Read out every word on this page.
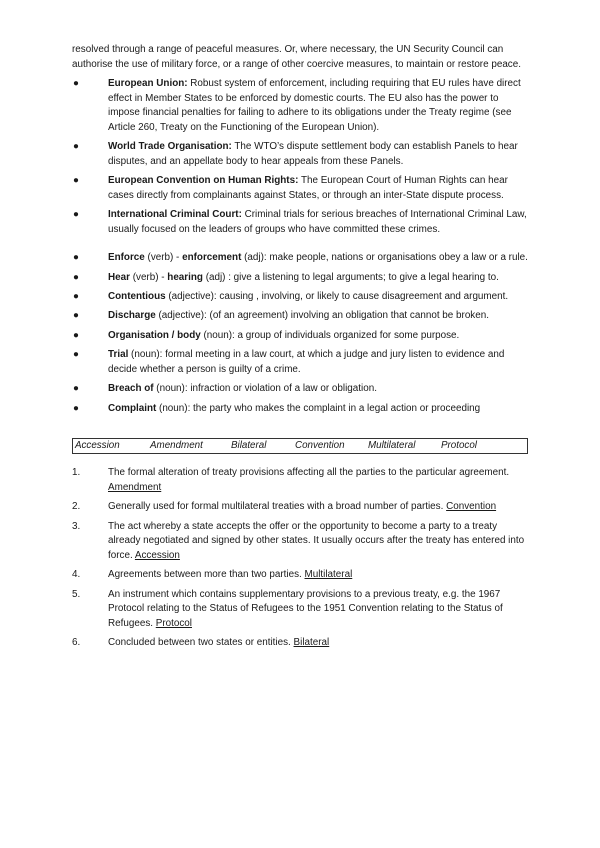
resolved through a range of peaceful measures. Or, where necessary, the UN Security Council can authorise the use of military force, or a range of other coercive measures, to maintain or restore peace.

●	European Union: Robust system of enforcement, including requiring that EU rules have direct effect in Member States to be enforced by domestic courts. The EU also has the power to impose financial penalties for failing to adhere to its obligations under the Treaty regime (see Article 260, Treaty on the Functioning of the European Union).
●	World Trade Organisation: The WTO’s dispute settlement body can establish Panels to hear disputes, and an appellate body to hear appeals from these Panels.
●	European Convention on Human Rights: The European Court of Human Rights can hear cases directly from complainants against States, or through an inter-State dispute process.
●	International Criminal Court: Criminal trials for serious breaches of International Criminal Law, usually focused on the leaders of groups who have committed these crimes.
●	Enforce (verb) - enforcement (adj): make people, nations or organisations obey a law or a rule.
●	Hear (verb) - hearing (adj) : give a listening to legal arguments; to give a legal hearing to.
●	Contentious (adjective): causing , involving, or likely to cause disagreement and argument.
●	Discharge (adjective): (of an agreement) involving an obligation that cannot be broken.
●	Organisation / body (noun): a group of individuals organized for some purpose.
●	Trial (noun): formal meeting in a law court, at which a judge and jury listen to evidence and decide whether a person is guilty of a crime.
●	Breach of (noun): infraction or violation of a law or obligation.
●	Complaint (noun): the party who makes the complaint in a legal action or proceeding
Accession	Amendment	Bilateral	Convention	Multilateral	Protocol
1.	The formal alteration of treaty provisions affecting all the parties to the particular agreement. Amendment
2.	Generally used for formal multilateral treaties with a broad number of parties. Convention
3.	The act whereby a state accepts the offer or the opportunity to become a party to a treaty already negotiated and signed by other states. It usually occurs after the treaty has entered into force. Accession
4.	Agreements between more than two parties. Multilateral
5.	An instrument which contains supplementary provisions to a previous treaty, e.g. the 1967 Protocol relating to the Status of Refugees to the 1951 Convention relating to the Status of Refugees. Protocol
6.	Concluded between two states or entities. Bilateral
